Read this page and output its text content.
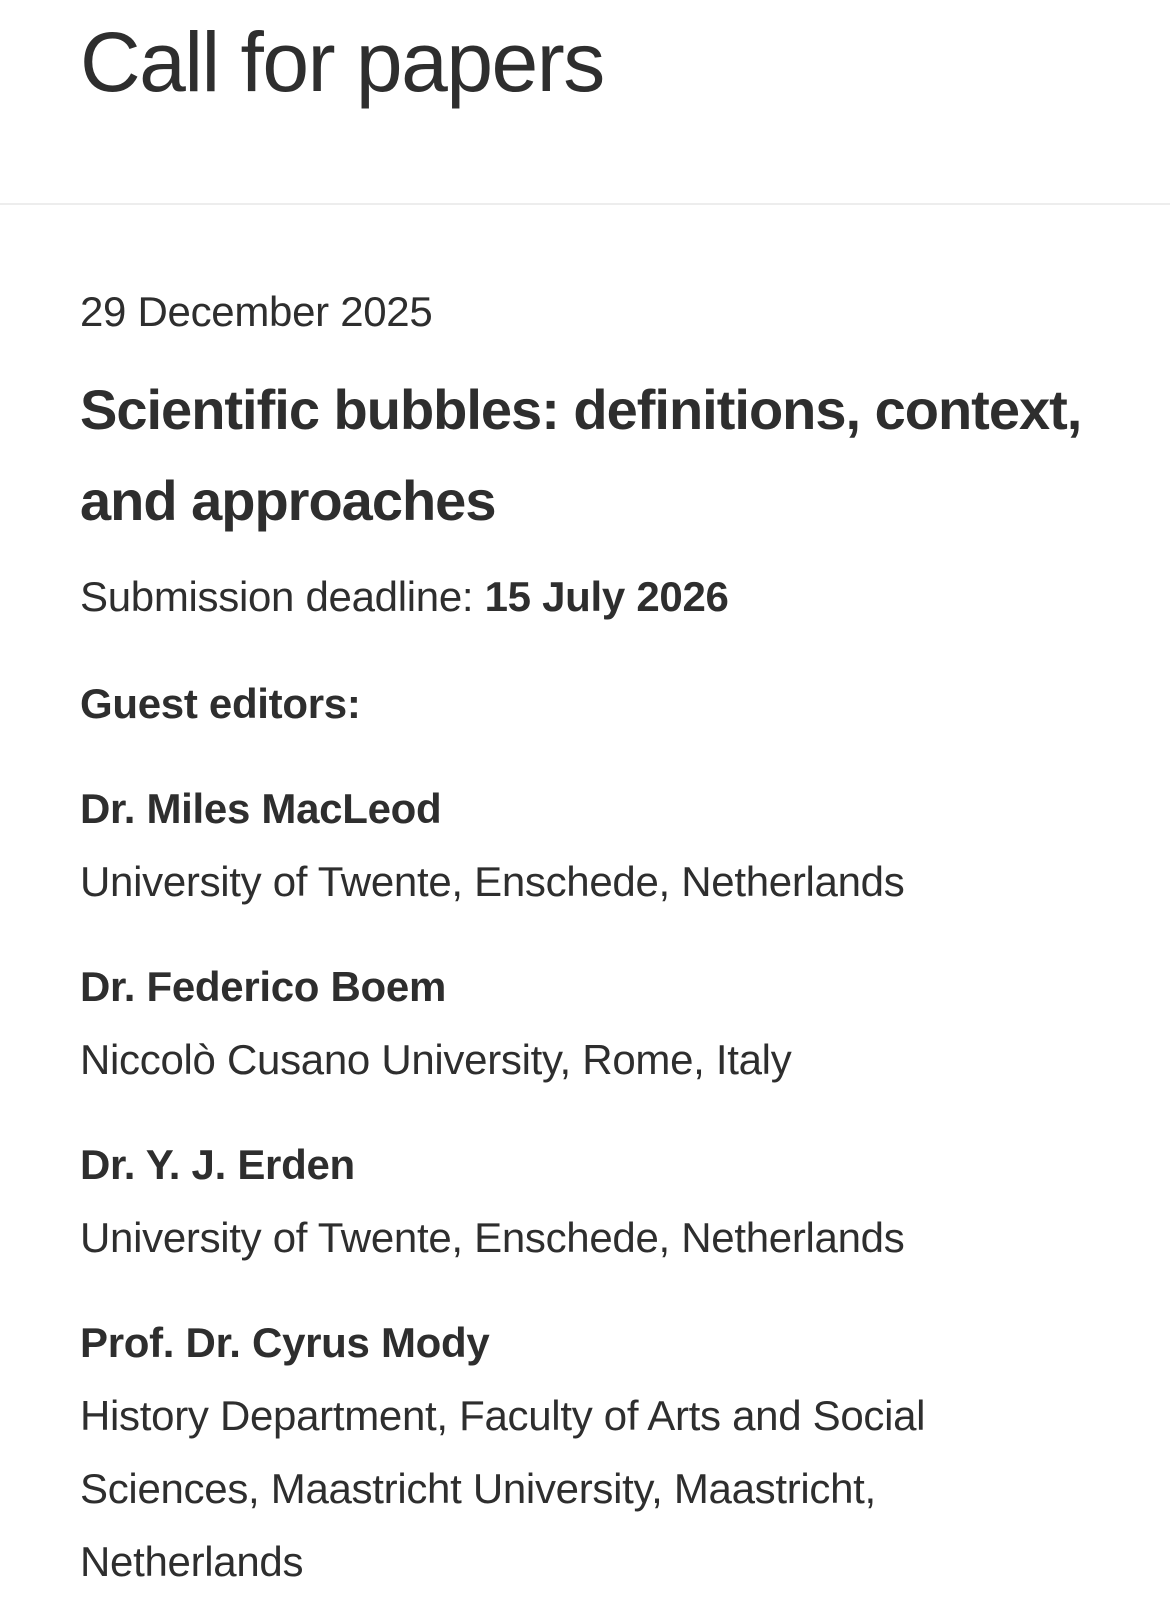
Call for papers

29 December 2025

Scientific bubbles: definitions, context, and approaches

Submission deadline: 15 July 2026

Guest editors:

Dr. Miles MacLeod

University of Twente, Enschede, Netherlands

Dr. Federico Boem

Niccolò Cusano University, Rome, Italy

Dr. Y. J. Erden

University of Twente, Enschede, Netherlands

Prof. Dr. Cyrus Mody

History Department, Faculty of Arts and Social Sciences, Maastricht University, Maastricht, Netherlands
